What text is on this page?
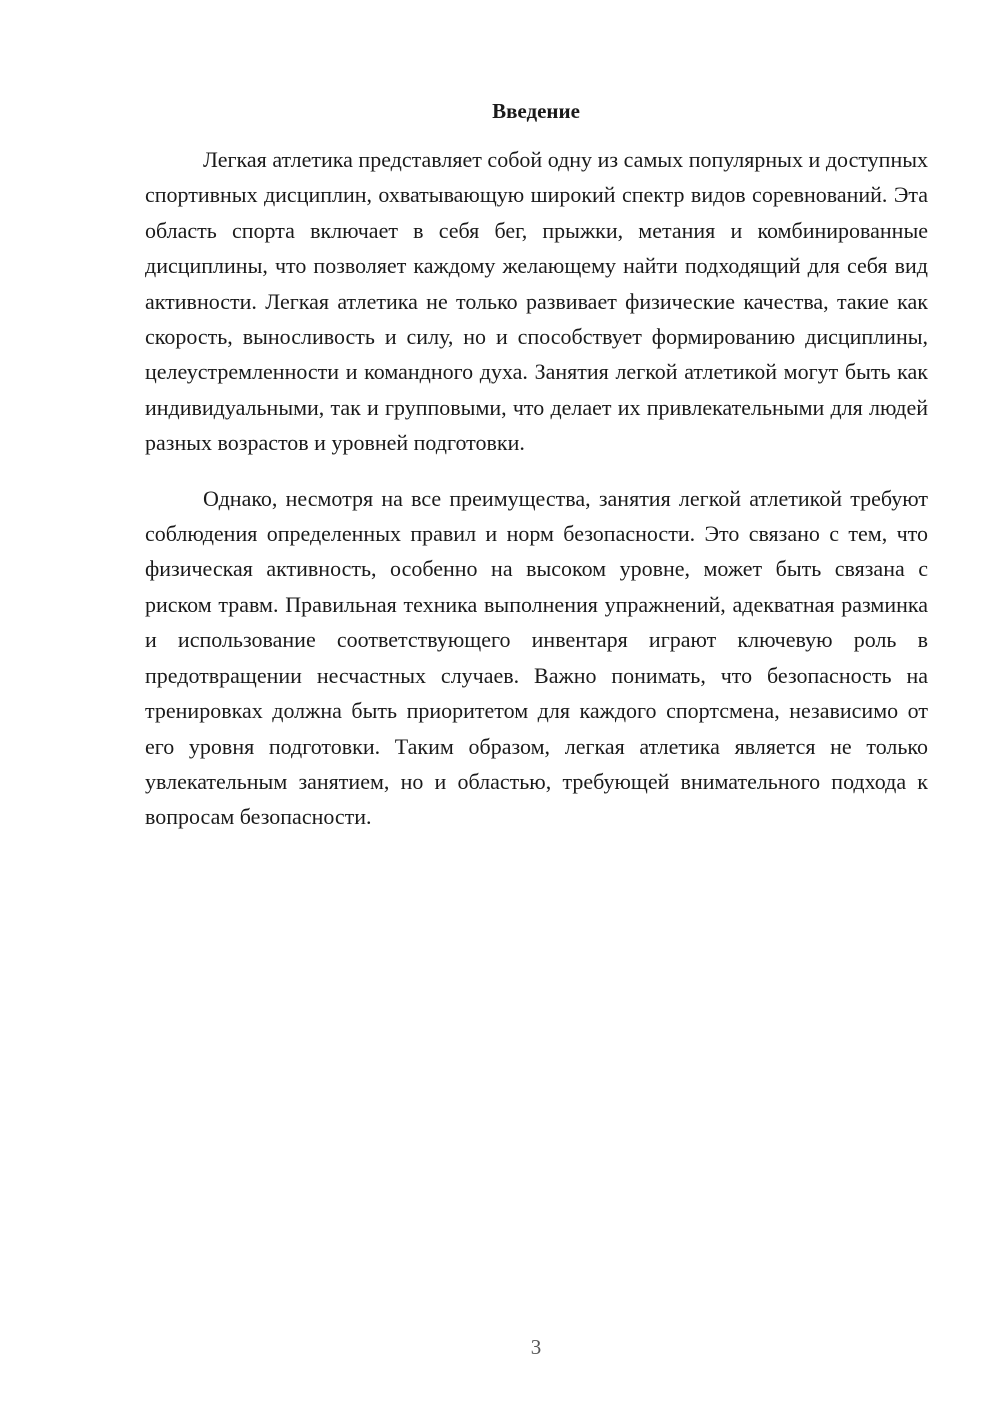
Введение

Легкая атлетика представляет собой одну из самых популярных и доступных спортивных дисциплин, охватывающую широкий спектр видов соревнований. Эта область спорта включает в себя бег, прыжки, метания и комбинированные дисциплины, что позволяет каждому желающему найти подходящий для себя вид активности. Легкая атлетика не только развивает физические качества, такие как скорость, выносливость и силу, но и способствует формированию дисциплины, целеустремленности и командного духа. Занятия легкой атлетикой могут быть как индивидуальными, так и групповыми, что делает их привлекательными для людей разных возрастов и уровней подготовки.

Однако, несмотря на все преимущества, занятия легкой атлетикой требуют соблюдения определенных правил и норм безопасности. Это связано с тем, что физическая активность, особенно на высоком уровне, может быть связана с риском травм. Правильная техника выполнения упражнений, адекватная разминка и использование соответствующего инвентаря играют ключевую роль в предотвращении несчастных случаев. Важно понимать, что безопасность на тренировках должна быть приоритетом для каждого спортсмена, независимо от его уровня подготовки. Таким образом, легкая атлетика является не только увлекательным занятием, но и областью, требующей внимательного подхода к вопросам безопасности.

3
